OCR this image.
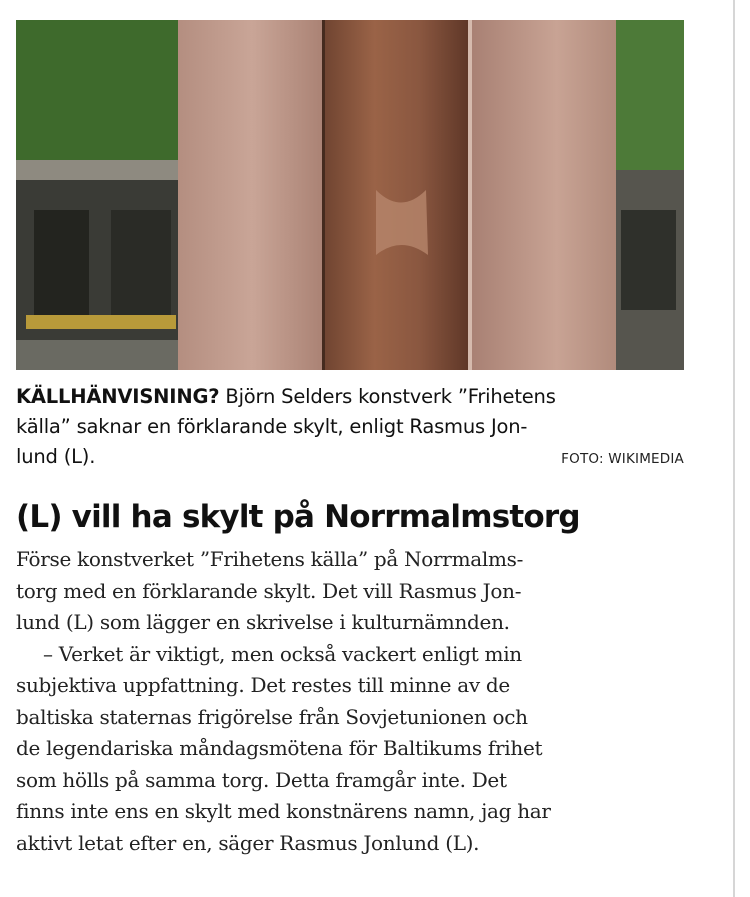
KÄLLHÄNVISNING? Björn Selders konstverk ”Frihetens
källa” saknar en förklarande skylt, enligt Rasmus Jon-
lund (L).	FOTO: WIKIMEDIA
(L) vill ha skylt på Norrmalmstorg
Förse konstverket ”Frihetens källa” på Norrmalms-
torg med en förklarande skylt. Det vill Rasmus Jon-
lund (L) som lägger en skrivelse i kulturnämnden.
– Verket är viktigt, men också vackert enligt min
subjektiva uppfattning. Det restes till minne av de
baltiska staternas frigörelse från Sovjetunionen och
de legendariska måndagsmötena för Baltikums frihet
som hölls på samma torg. Detta framgår inte. Det
finns inte ens en skylt med konstnärens namn, jag har
aktivt letat efter en, säger Rasmus Jonlund (L).
